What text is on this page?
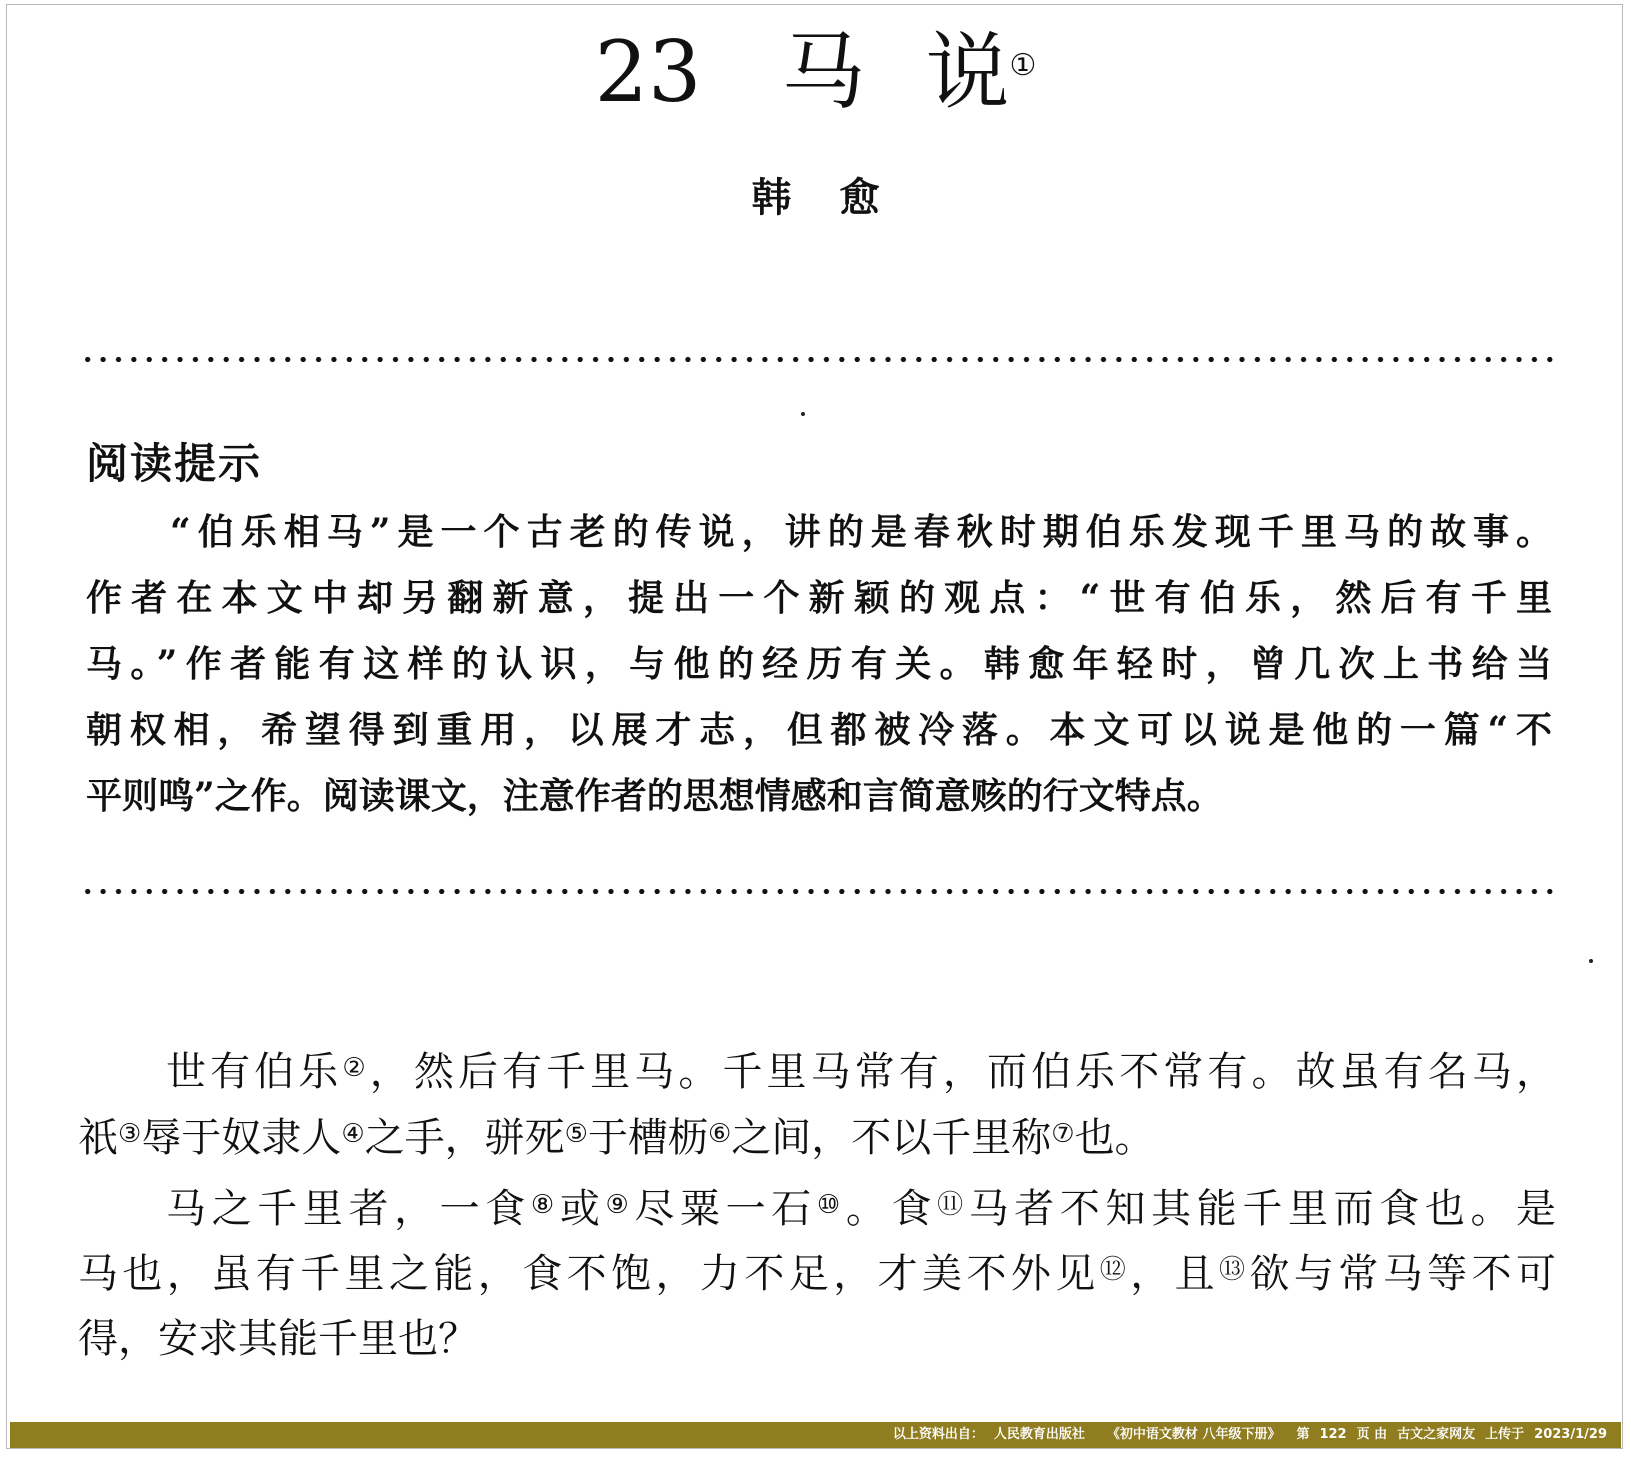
23 马 说①

韩 愈

阅读提示

“伯乐相马”是一个古老的传说，讲的是春秋时期伯乐发现千里马的故事。

作者在本文中却另翻新意，提出一个新颖的观点：“世有伯乐，然后有千里

马。”作者能有这样的认识，与他的经历有关。韩愈年轻时，曾几次上书给当

朝权相，希望得到重用，以展才志，但都被冷落。本文可以说是他的一篇“不

平则鸣”之作。阅读课文，注意作者的思想情感和言简意赅的行文特点。

世有伯乐②，然后有千里马。千里马常有，而伯乐不常有。故虽有名马，

祇③辱于奴隶人④之手，骈死⑤于槽枥⑥之间，不以千里称⑦也。

马之千里者，一食⑧或⑨尽粟一石⑩。食⑪马者不知其能千里而食也。是

马也，虽有千里之能，食不饱，力不足，才美不外见⑫，且⑬欲与常马等不可

得，安求其能千里也？

以上资料出自： 人民教育出版社 《初中语文教材 八年级下册》 第 122 页 由 古文之家网友 上传于 2023/1/29
